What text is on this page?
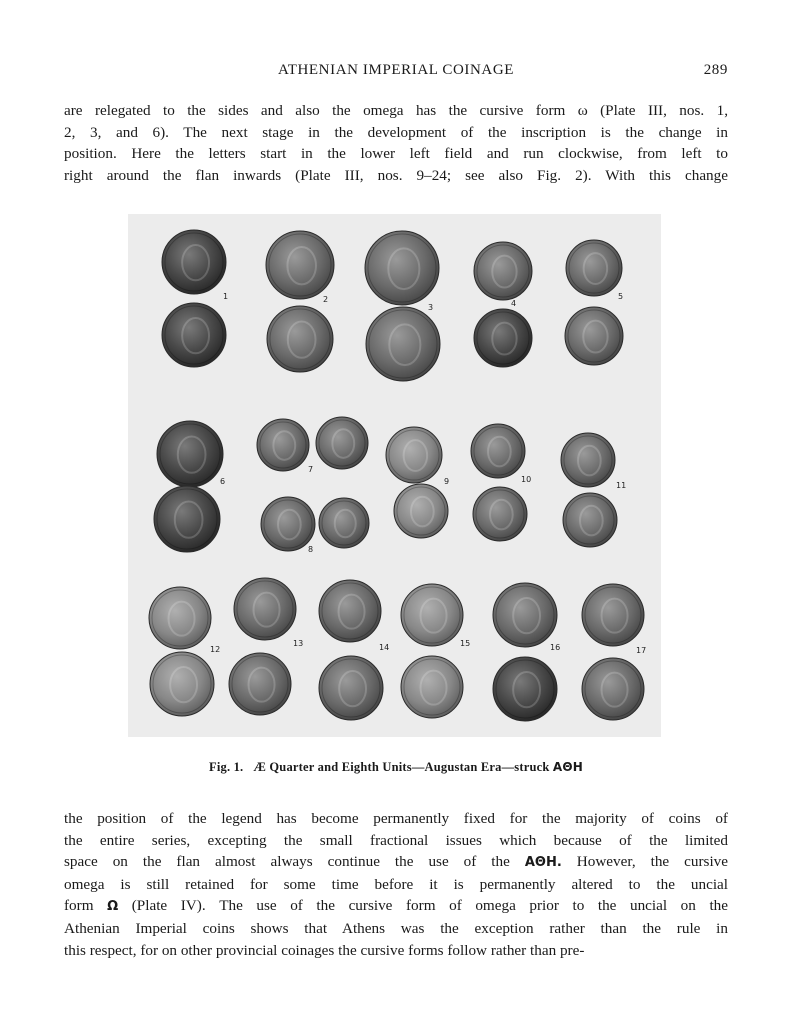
ATHENIAN IMPERIAL COINAGE	289

are relegated to the sides and also the omega has the cursive form ω (Plate III, nos. 1,
2, 3, and 6). The next stage in the development of the inscription is the change in
position. Here the letters start in the lower left field and run clockwise, from left to
right around the flan inwards (Plate III, nos. 9–24; see also Fig. 2). With this change

1	2
3	4
5
6
7
8
9	10
11
12
13	14	15	16	17
Fig. 1. Æ Quarter and Eighth Units—Augustan Era—struck AΘH

the position of the legend has become permanently fixed for the majority of coins of
the entire series, excepting the small fractional issues which because of the limited
space on the flan almost always continue the use of the AΘH. However, the cursive
omega is still retained for some time before it is permanently altered to the uncial
form Ω (Plate IV). The use of the cursive form of omega prior to the uncial on the
Athenian Imperial coins shows that Athens was the exception rather than the rule in
this respect, for on other provincial coinages the cursive forms follow rather than pre-
